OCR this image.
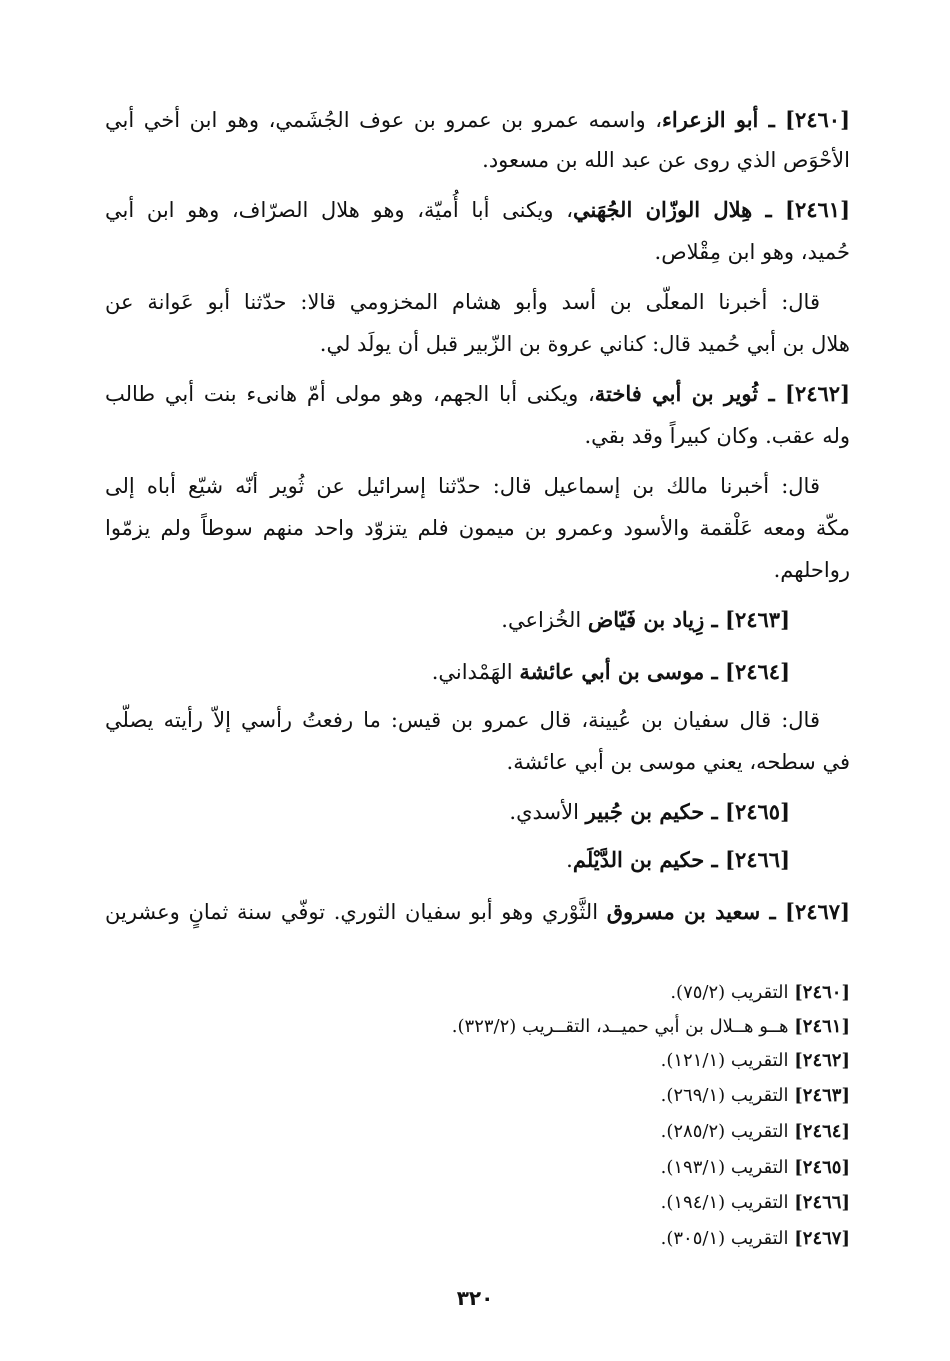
[٢٤٦٠] ـ أبو الزعراء، واسمه عمرو بن عمرو بن عوف الجُشَمي، وهو ابن أخي أبي
الأحْوَص الذي روى عن عبد الله بن مسعود.
[٢٤٦١] ـ هِلال الوزّان الجُهَني، ويكنى أبا أُميّة، وهو هلال الصرّاف، وهو ابن أبي
حُميد، وهو ابن مِقْلاص.
قال: أخبرنا المعلّى بن أسد وأبو هشام المخزومي قالا: حدّثنا أبو عَوانة عن
هلال بن أبي حُميد قال: كناني عروة بن الزّبير قبل أن يولَد لي.
[٢٤٦٢] ـ ثُوير بن أبي فاختة، ويكنى أبا الجهم، وهو مولى أمّ هانىء بنت أبي طالب
وله عقب. وكان كبيراً وقد بقي.
قال: أخبرنا مالك بن إسماعيل قال: حدّثنا إسرائيل عن ثُوير أنّه شيّع أباه إلى
مكّة ومعه عَلْقمة والأسود وعمرو بن ميمون فلم يتزوّد واحد منهم سوطاً ولم يزمّوا
رواحلهم.
[٢٤٦٣] ـ زِياد بن فَيّاض الخُزاعي.
[٢٤٦٤] ـ موسى بن أبي عائشة الهَمْداني.
قال: قال سفيان بن عُيينة، قال عمرو بن قيس: ما رفعتُ رأسي إلاّ رأيته يصلّي
في سطحه، يعني موسى بن أبي عائشة.
[٢٤٦٥] ـ حكيم بن جُبير الأسدي.
[٢٤٦٦] ـ حكيم بن الدَّيْلَم.
[٢٤٦٧] ـ سعيد بن مسروق الثَّوْري وهو أبو سفيان الثوري. توفّي سنة ثمانٍ وعشرين
[٢٤٦٠] التقريب (٧٥/٢).
[٢٤٦١] هــو هــلال بن أبي حميــد، التقــريب (٣٢٣/٢).
[٢٤٦٢] التقريب (١٢١/١).
[٢٤٦٣] التقريب (٢٦٩/١).
[٢٤٦٤] التقريب (٢٨٥/٢).
[٢٤٦٥] التقريب (١٩٣/١).
[٢٤٦٦] التقريب (١٩٤/١).
[٢٤٦٧] التقريب (٣٠٥/١).
٣٢٠
